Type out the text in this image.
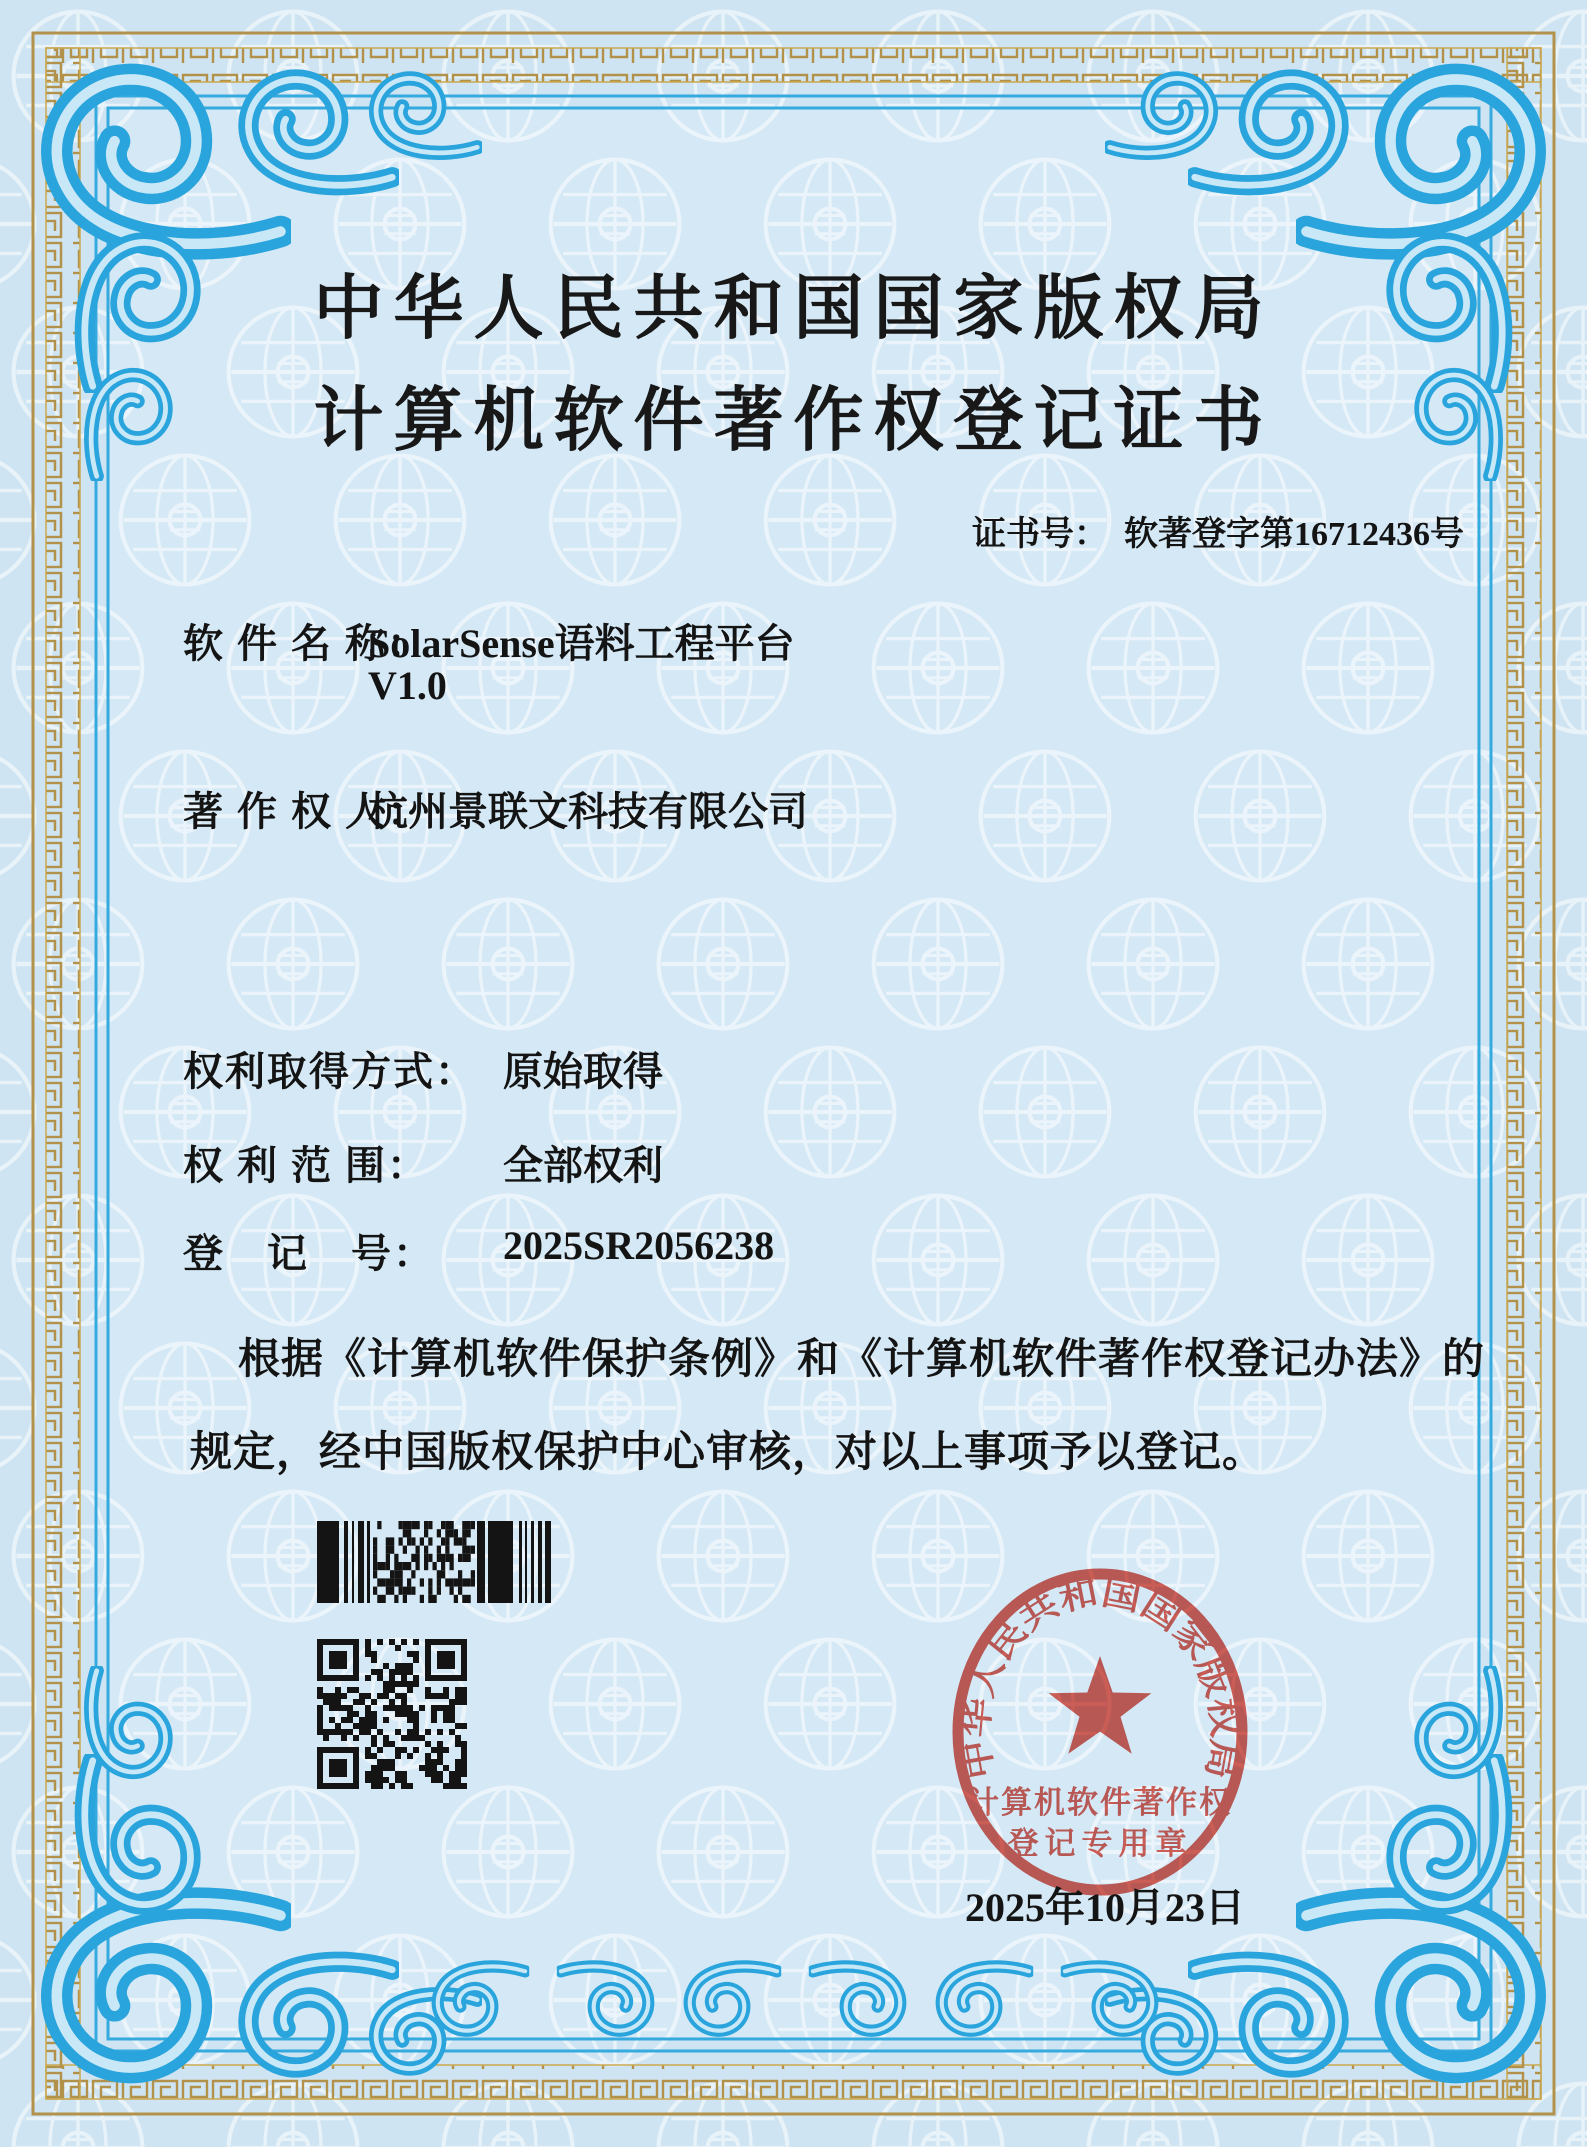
中华人民共和国国家版权局
计算机软件著作权登记证书
证书号： 软著登字第16712436号
软 件 名 称：
SolarSense语料工程平台
V1.0
著 作 权 人：
杭州景联文科技有限公司
权利取得方式： 原始取得
权 利 范 围： 全部权利
登　记　号： 2025SR2056238
根据《计算机软件保护条例》和《计算机软件著作权登记办法》的
规定，经中国版权保护中心审核，对以上事项予以登记。
中华人民共和国国家版权局
计算机软件著作权
登记专用章
2025年10月23日
